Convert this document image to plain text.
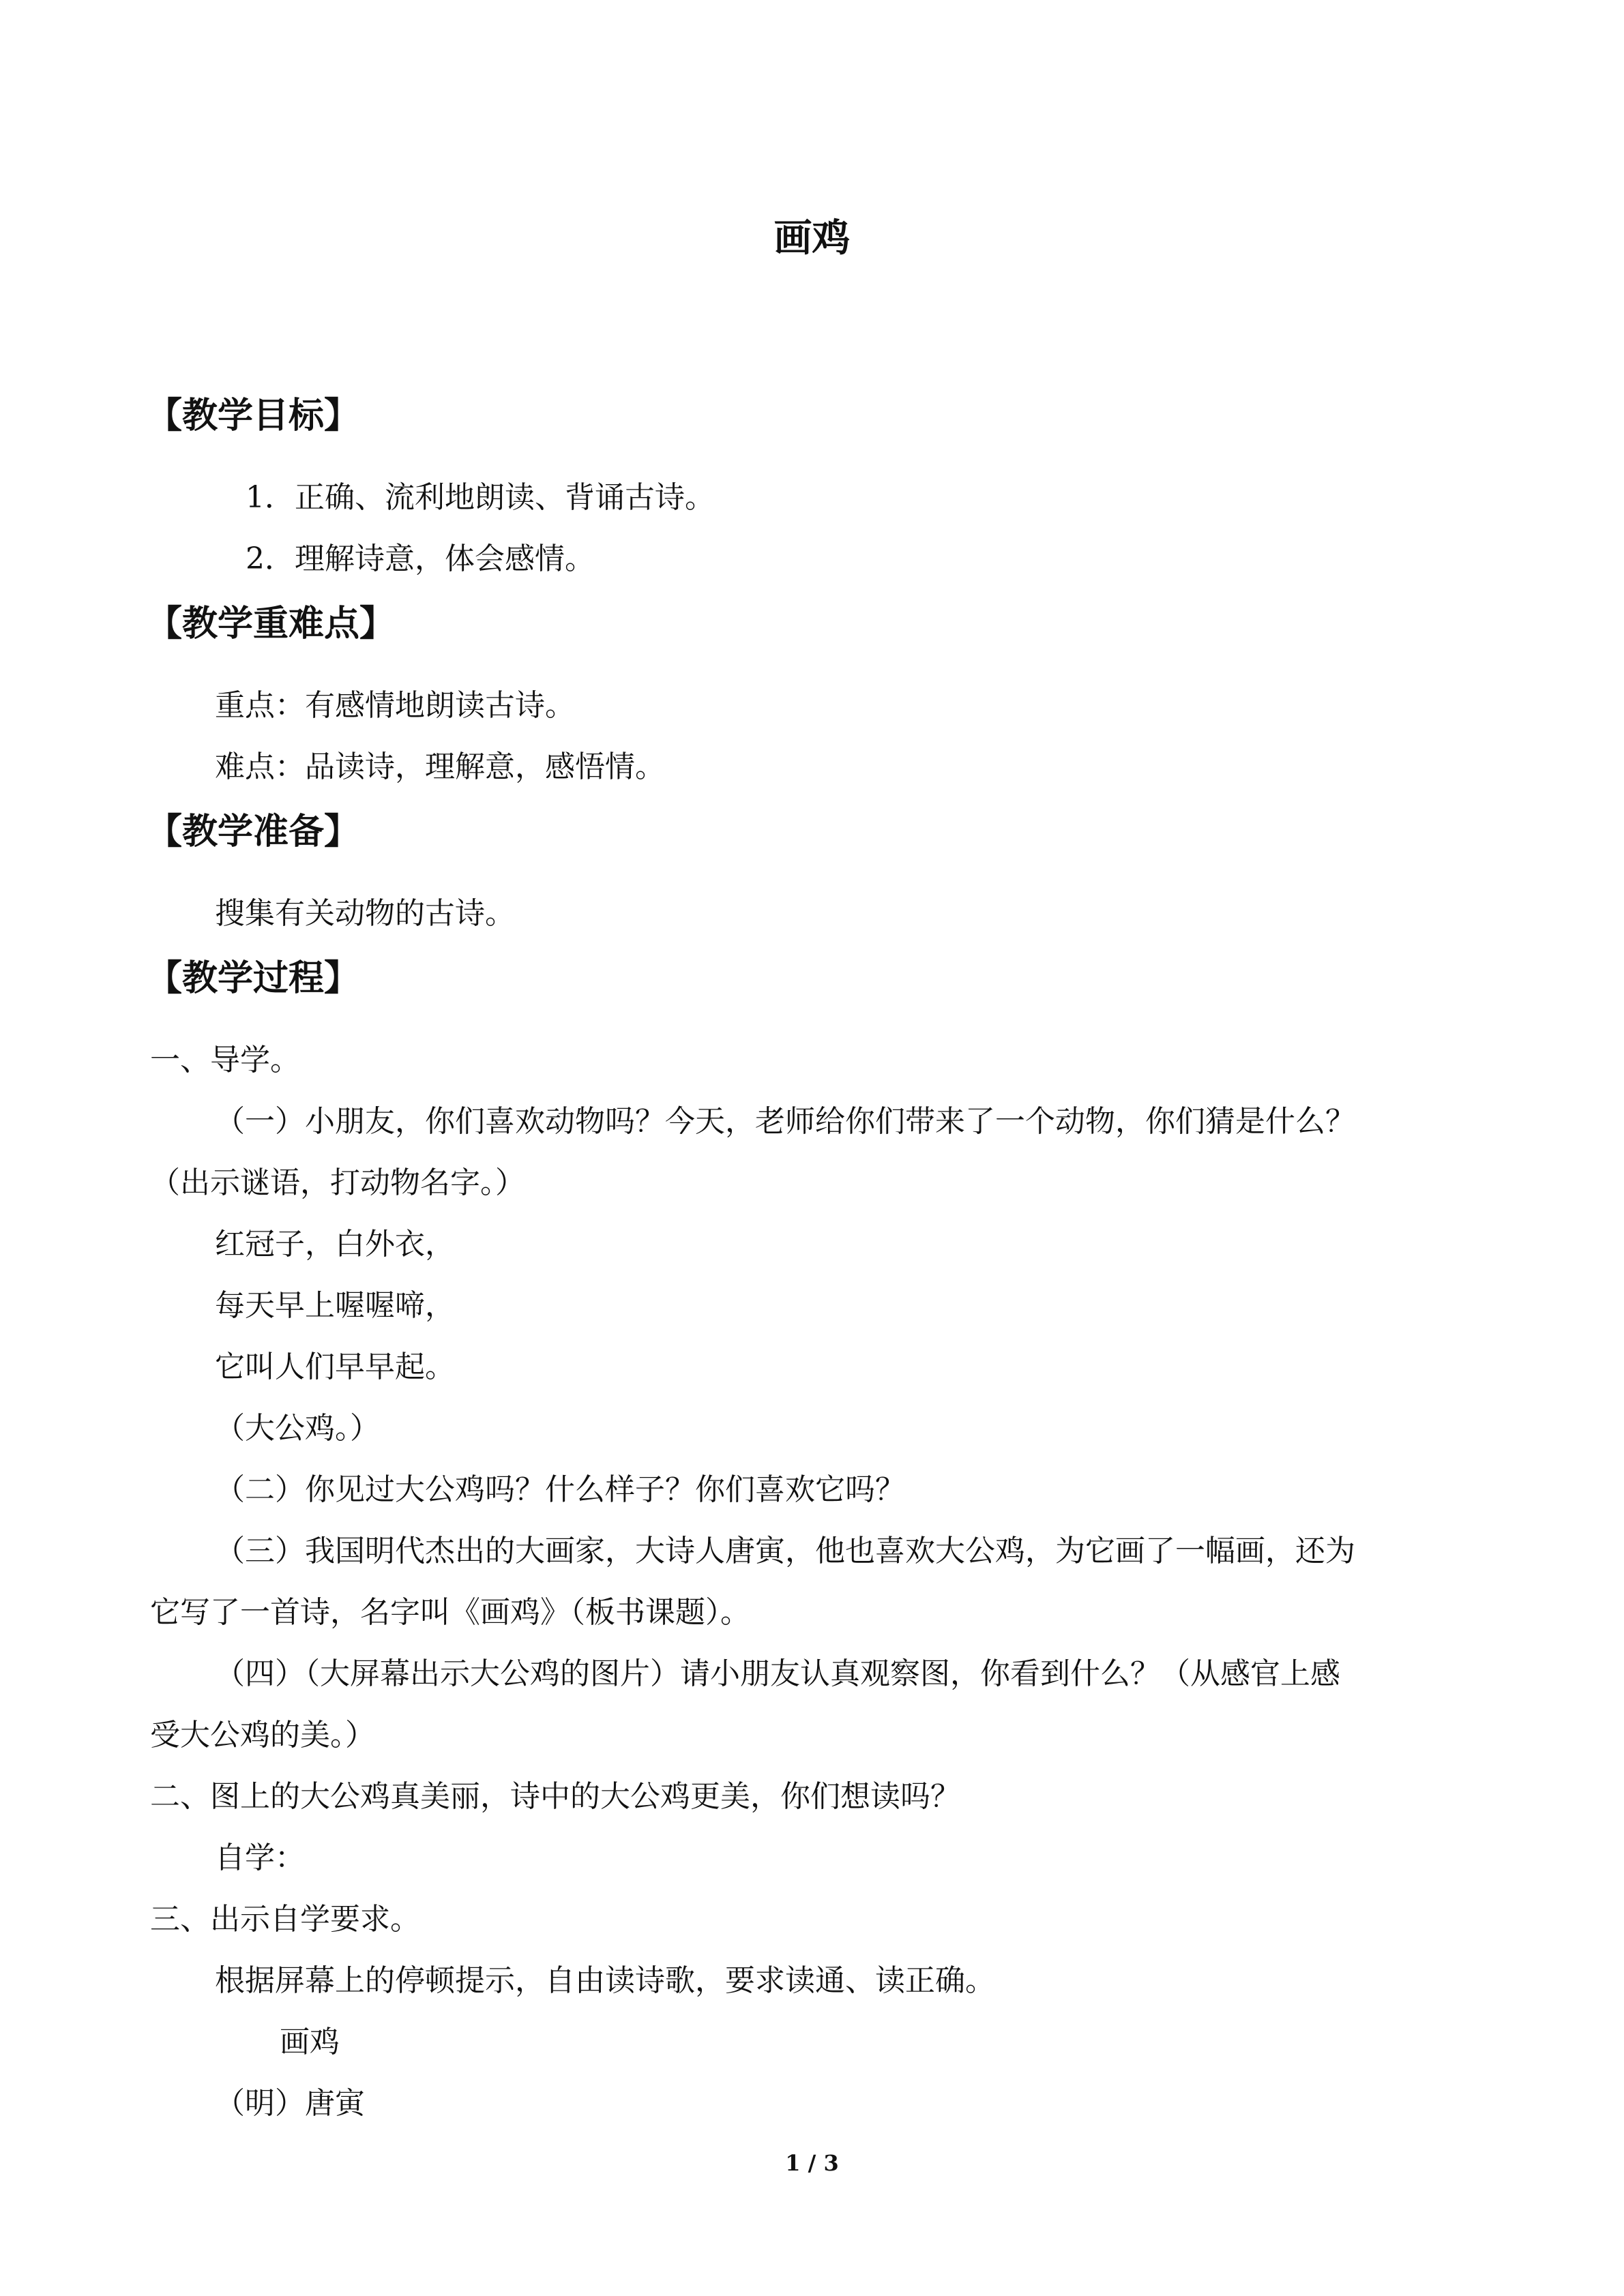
画鸡
【教学目标】
1．正确、流利地朗读、背诵古诗。
2．理解诗意，体会感情。
【教学重难点】
重点：有感情地朗读古诗。
难点：品读诗，理解意，感悟情。
【教学准备】
搜集有关动物的古诗。
【教学过程】
一、导学。
（一）小朋友，你们喜欢动物吗？今天，老师给你们带来了一个动物，你们猜是什么？
（出示谜语，打动物名字。）
红冠子，白外衣，
每天早上喔喔啼，
它叫人们早早起。
（大公鸡。）
（二）你见过大公鸡吗？什么样子？你们喜欢它吗？
（三）我国明代杰出的大画家，大诗人唐寅，他也喜欢大公鸡，为它画了一幅画，还为
它写了一首诗，名字叫《画鸡》（板书课题）。
（四）（大屏幕出示大公鸡的图片）请小朋友认真观察图，你看到什么？（从感官上感
受大公鸡的美。）
二、图上的大公鸡真美丽，诗中的大公鸡更美，你们想读吗？
自学：
三、出示自学要求。
根据屏幕上的停顿提示，自由读诗歌，要求读通、读正确。
画鸡
（明）唐寅
1 / 3
